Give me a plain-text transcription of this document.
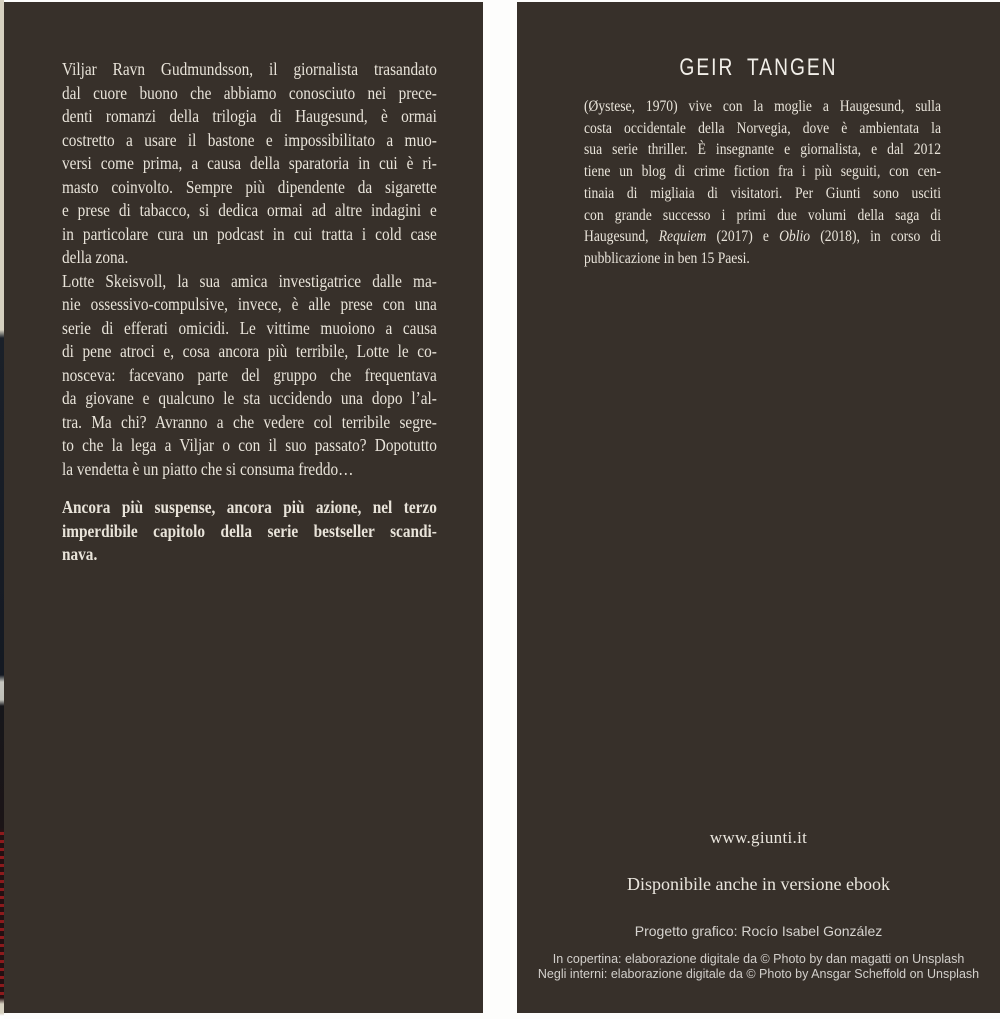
Viljar Ravn Gudmundsson, il giornalista trasandato
dal cuore buono che abbiamo conosciuto nei prece-
denti romanzi della trilogia di Haugesund, è ormai
costretto a usare il bastone e impossibilitato a muo-
versi come prima, a causa della sparatoria in cui è ri-
masto coinvolto. Sempre più dipendente da sigarette
e prese di tabacco, si dedica ormai ad altre indagini e
in particolare cura un podcast in cui tratta i cold case
della zona.
Lotte Skeisvoll, la sua amica investigatrice dalle ma-
nie ossessivo-compulsive, invece, è alle prese con una
serie di efferati omicidi. Le vittime muoiono a causa
di pene atroci e, cosa ancora più terribile, Lotte le co-
nosceva: facevano parte del gruppo che frequentava
da giovane e qualcuno le sta uccidendo una dopo l’al-
tra. Ma chi? Avranno a che vedere col terribile segre-
to che la lega a Viljar o con il suo passato? Dopotutto
la vendetta è un piatto che si consuma freddo…
Ancora più suspense, ancora più azione, nel terzo
imperdibile capitolo della serie bestseller scandi-
nava.
GEIR TANGEN
(Øystese, 1970) vive con la moglie a Haugesund, sulla
costa occidentale della Norvegia, dove è ambientata la
sua serie thriller. È insegnante e giornalista, e dal 2012
tiene un blog di crime fiction fra i più seguiti, con cen-
tinaia di migliaia di visitatori. Per Giunti sono usciti
con grande successo i primi due volumi della saga di
Haugesund, Requiem (2017) e Oblio (2018), in corso di
pubblicazione in ben 15 Paesi.
www.giunti.it
Disponibile anche in versione ebook
Progetto grafico: Rocío Isabel González
In copertina: elaborazione digitale da © Photo by dan magatti on Unsplash
Negli interni: elaborazione digitale da © Photo by Ansgar Scheffold on Unsplash
